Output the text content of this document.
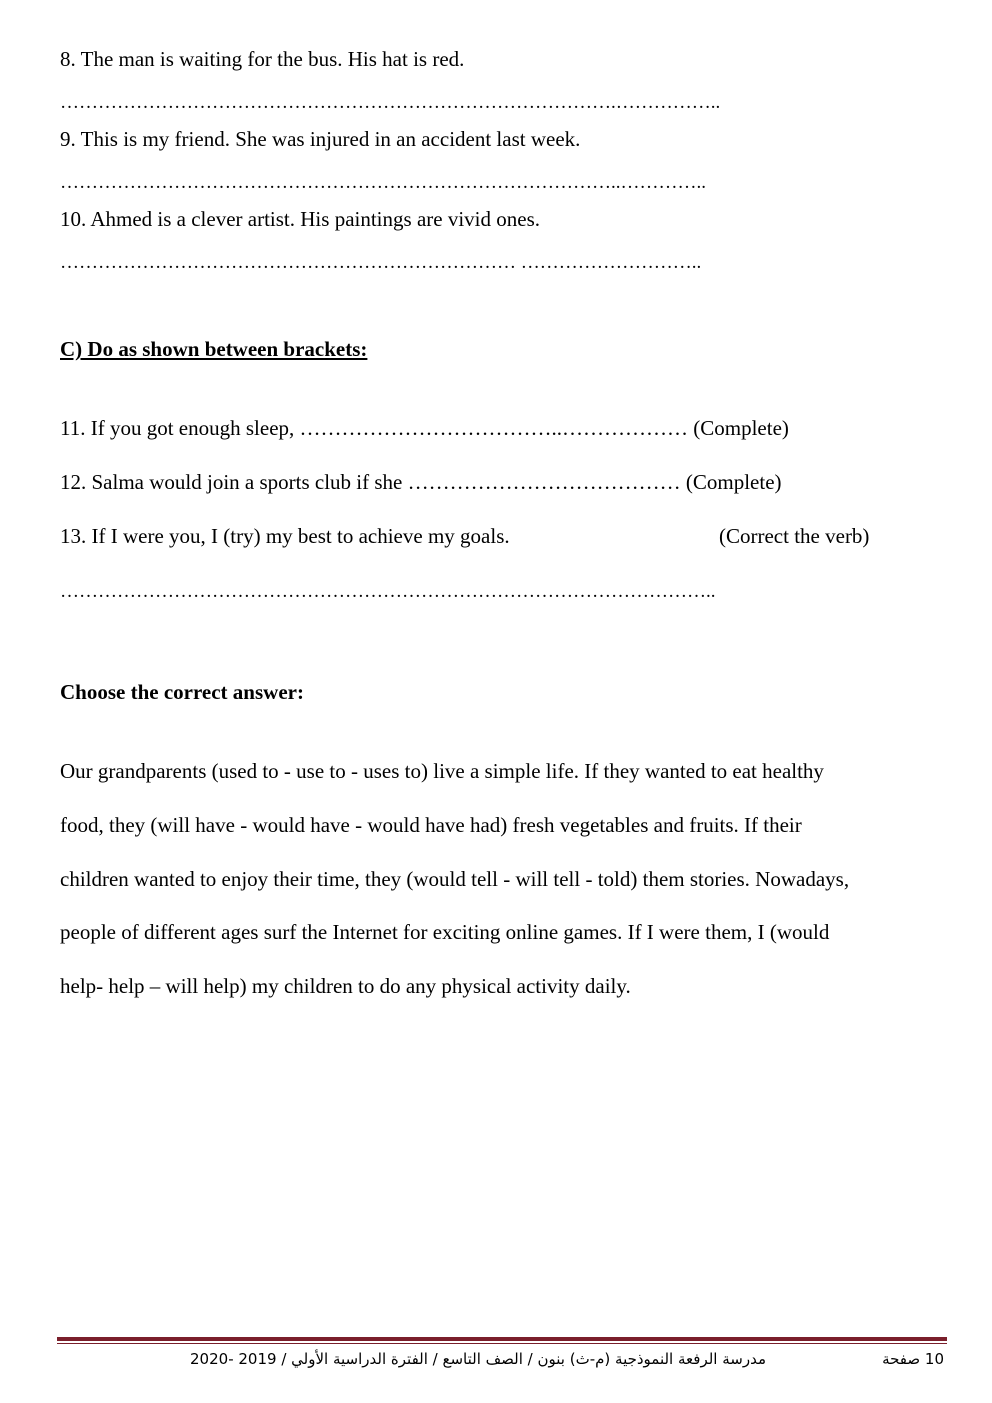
8. The man is waiting for the bus. His hat is red.
…………………………………………………………………………….……………..
9. This is my friend. She was injured in an accident last week.
……………………………………………………………………………..…………..
10. Ahmed is a clever artist. His paintings are vivid ones.
……………………………………………………………… ………………………..
C) Do as shown between brackets:
11. If you got enough sleep, ………………………………..……………… (Complete)
12. Salma would join a sports club if she ………………………………… (Complete)
13. If I were you, I (try) my best to achieve my goals.	(Correct the verb)
…………………………………………………………………………………………..
Choose the correct answer:
Our grandparents (used to - use to - uses to) live a simple life. If they wanted to eat healthy
food, they (will have - would have - would have had) fresh vegetables and fruits. If their
children wanted to enjoy their time, they (would tell - will tell - told) them stories. Nowadays,
people of different ages surf the Internet for exciting online games. If I were them, I (would
help- help – will help) my children to do any physical activity daily.
10 صفحة
مدرسة الرفعة النموذجية (م-ث) بنون / الصف التاسع / الفترة الدراسية الأولي / 2019 -2020
